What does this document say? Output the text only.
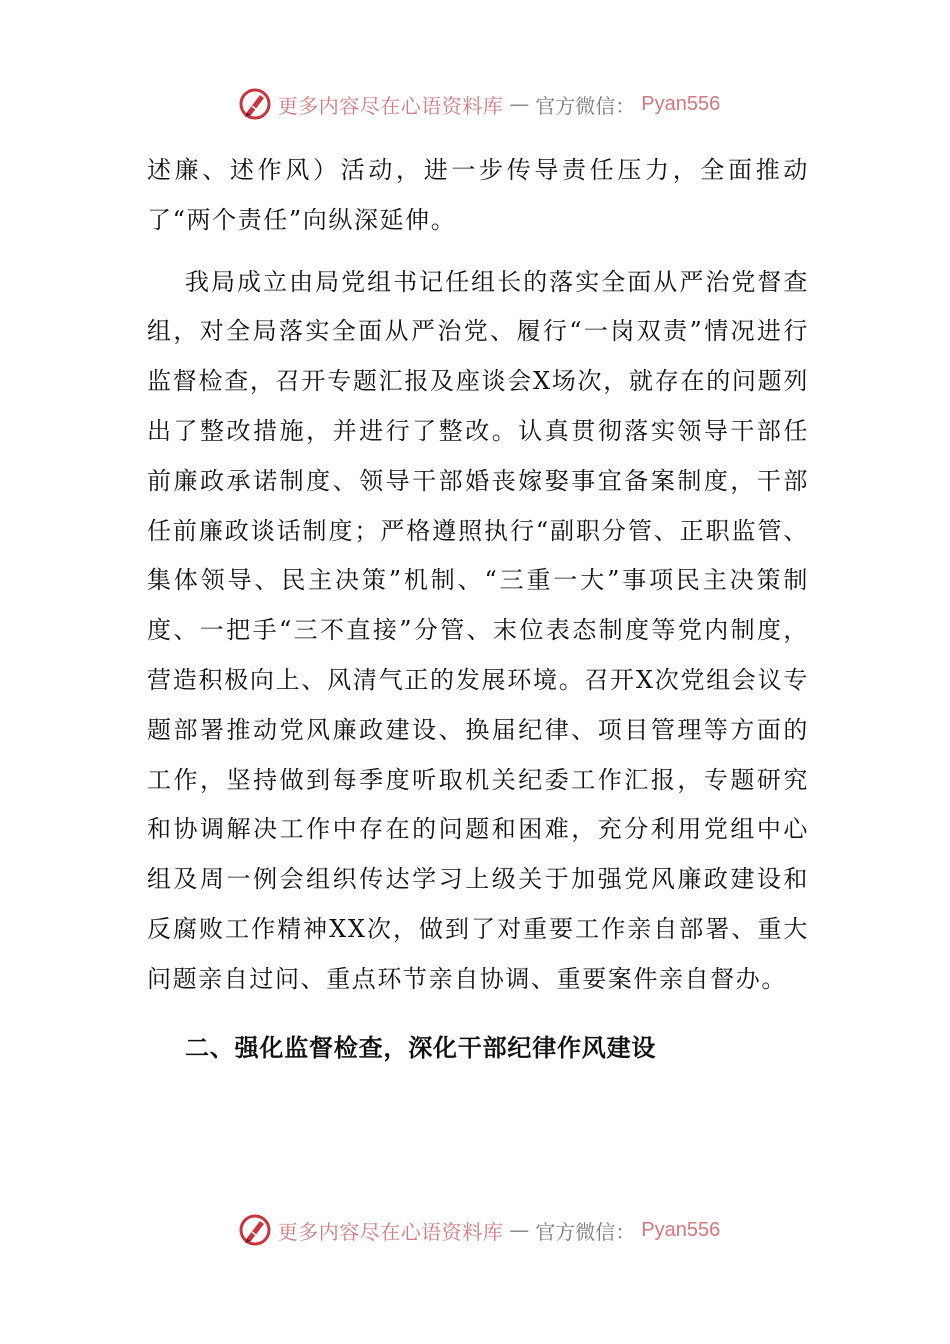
更多内容尽在心语资料库 — 官方微信： Pyan556

述廉、述作风）活动，进一步传导责任压力，全面推动了“两个责任”向纵深延伸。

我局成立由局党组书记任组长的落实全面从严治党督查组，对全局落实全面从严治党、履行“一岗双责”情况进行监督检查，召开专题汇报及座谈会X场次，就存在的问题列出了整改措施，并进行了整改。认真贯彻落实领导干部任前廉政承诺制度、领导干部婚丧嫁娶事宜备案制度，干部任前廉政谈话制度；严格遵照执行“副职分管、正职监管、集体领导、民主决策”机制、“三重一大”事项民主决策制度、一把手“三不直接”分管、末位表态制度等党内制度，营造积极向上、风清气正的发展环境。召开X次党组会议专题部署推动党风廉政建设、换届纪律、项目管理等方面的工作，坚持做到每季度听取机关纪委工作汇报，专题研究和协调解决工作中存在的问题和困难，充分利用党组中心组及周一例会组织传达学习上级关于加强党风廉政建设和反腐败工作精神XX次，做到了对重要工作亲自部署、重大问题亲自过问、重点环节亲自协调、重要案件亲自督办。

二、强化监督检查，深化干部纪律作风建设
更多内容尽在心语资料库 — 官方微信： Pyan556
